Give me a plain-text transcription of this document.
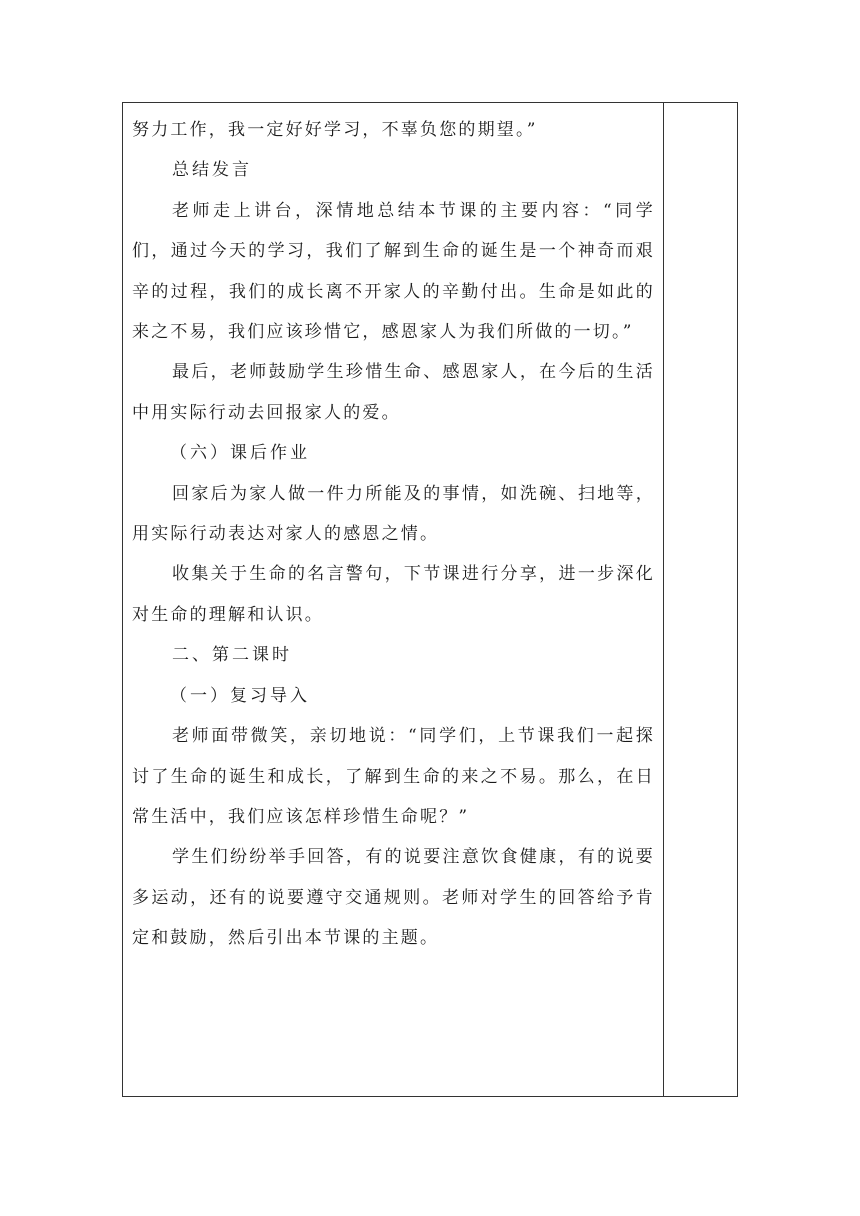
努力工作，我一定好好学习，不辜负您的期望。”

总结发言

老师走上讲台，深情地总结本节课的主要内容：“同学们，通过今天的学习，我们了解到生命的诞生是一个神奇而艰辛的过程，我们的成长离不开家人的辛勤付出。生命是如此的来之不易，我们应该珍惜它，感恩家人为我们所做的一切。”

最后，老师鼓励学生珍惜生命、感恩家人，在今后的生活中用实际行动去回报家人的爱。

（六）课后作业

回家后为家人做一件力所能及的事情，如洗碗、扫地等，用实际行动表达对家人的感恩之情。

收集关于生命的名言警句，下节课进行分享，进一步深化对生命的理解和认识。

二、第二课时

（一）复习导入

老师面带微笑，亲切地说：“同学们，上节课我们一起探讨了生命的诞生和成长，了解到生命的来之不易。那么，在日常生活中，我们应该怎样珍惜生命呢？”

学生们纷纷举手回答，有的说要注意饮食健康，有的说要多运动，还有的说要遵守交通规则。老师对学生的回答给予肯定和鼓励，然后引出本节课的主题。
